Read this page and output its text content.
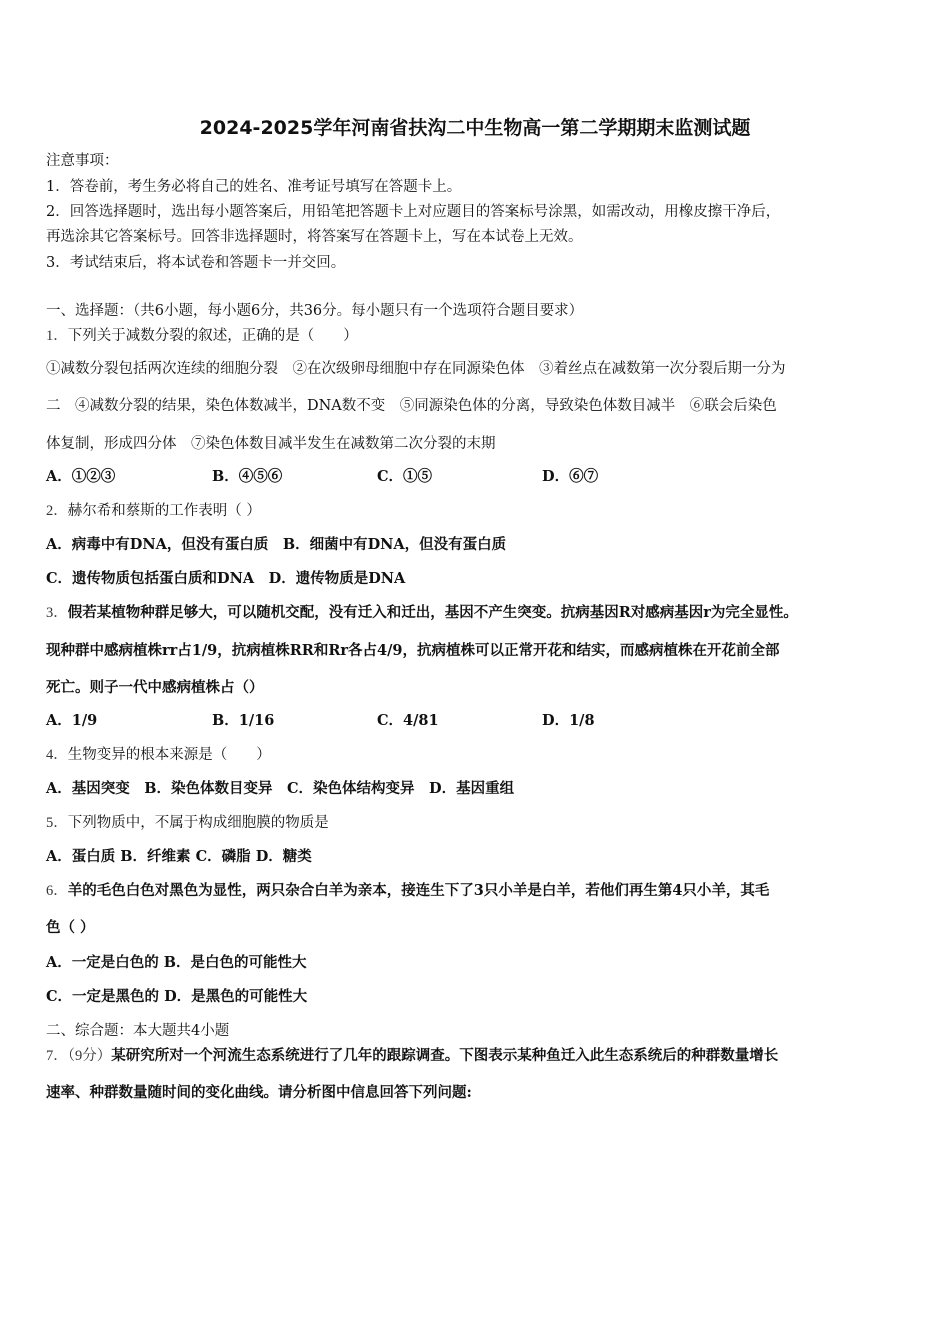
2024-2025学年河南省扶沟二中生物高一第二学期期末监测试题
注意事项：
1．答卷前，考生务必将自己的姓名、准考证号填写在答题卡上。
2．回答选择题时，选出每小题答案后，用铅笔把答题卡上对应题目的答案标号涂黑，如需改动，用橡皮擦干净后，
再选涂其它答案标号。回答非选择题时，将答案写在答题卡上，写在本试卷上无效。
3．考试结束后，将本试卷和答题卡一并交回。
一、选择题：（共6小题，每小题6分，共36分。每小题只有一个选项符合题目要求）
1．下列关于减数分裂的叙述，正确的是（　　）
①减数分裂包括两次连续的细胞分裂　②在次级卵母细胞中存在同源染色体　③着丝点在减数第一次分裂后期一分为
二　④减数分裂的结果，染色体数减半，DNA数不变　⑤同源染色体的分离，导致染色体数目减半　⑥联会后染色
体复制，形成四分体　⑦染色体数目减半发生在减数第二次分裂的末期
A．①②③	B．④⑤⑥	C．①⑤	D．⑥⑦
2．赫尔希和蔡斯的工作表明（ ）
A．病毒中有DNA，但没有蛋白质　B．细菌中有DNA，但没有蛋白质
C．遗传物质包括蛋白质和DNA　D．遗传物质是DNA
3．假若某植物种群足够大，可以随机交配，没有迁入和迁出，基因不产生突变。抗病基因R对感病基因r为完全显性。
现种群中感病植株rr占1/9，抗病植株RR和Rr各占4/9，抗病植株可以正常开花和结实，而感病植株在开花前全部
死亡。则子一代中感病植株占（）
A．1/9	B．1/16	C．4/81	D．1/8
4．生物变异的根本来源是（　　）
A．基因突变　B．染色体数目变异　C．染色体结构变异　D．基因重组
5．下列物质中，不属于构成细胞膜的物质是
A．蛋白质 B．纤维素 C．磷脂 D．糖类
6．羊的毛色白色对黑色为显性，两只杂合白羊为亲本，接连生下了3只小羊是白羊，若他们再生第4只小羊，其毛
色（ ）
A．一定是白色的 B．是白色的可能性大
C．一定是黑色的 D．是黑色的可能性大
二、综合题：本大题共4小题
7．（9分）某研究所对一个河流生态系统进行了几年的跟踪调查。下图表示某种鱼迁入此生态系统后的种群数量增长
速率、种群数量随时间的变化曲线。请分析图中信息回答下列问题:
